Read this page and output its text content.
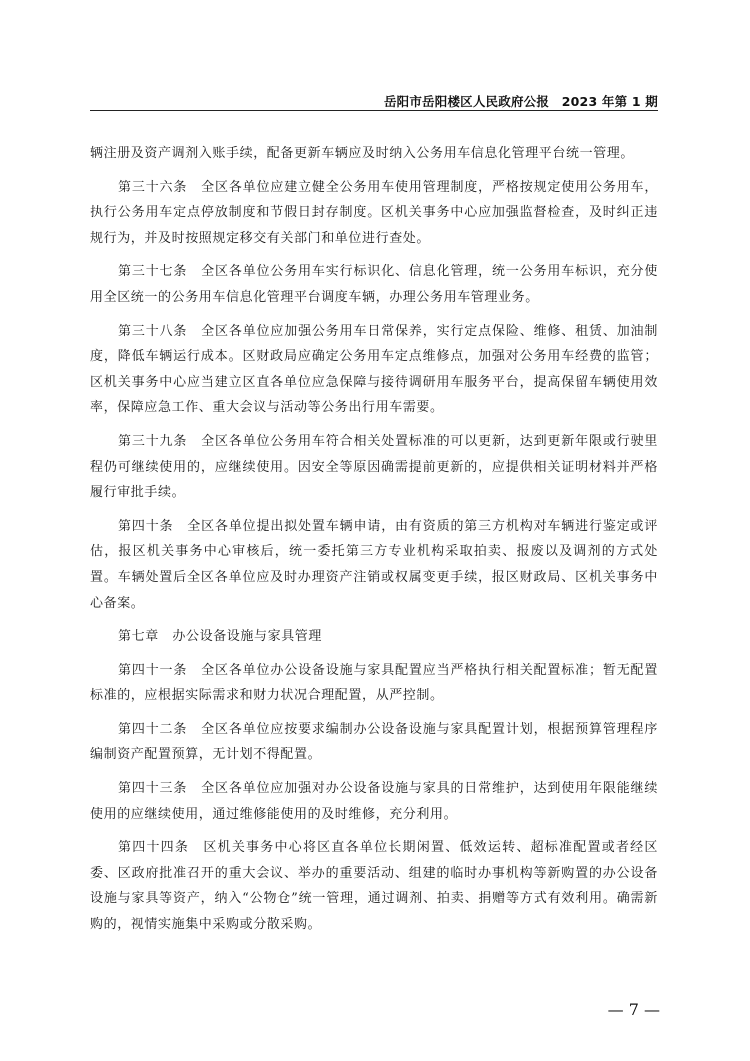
岳阳市岳阳楼区人民政府公报　2023 年第 1 期

辆注册及资产调剂入账手续，配备更新车辆应及时纳入公务用车信息化管理平台统一管理。

第三十六条　全区各单位应建立健全公务用车使用管理制度，严格按规定使用公务用车，执行公务用车定点停放制度和节假日封存制度。区机关事务中心应加强监督检查，及时纠正违规行为，并及时按照规定移交有关部门和单位进行查处。

第三十七条　全区各单位公务用车实行标识化、信息化管理，统一公务用车标识，充分使用全区统一的公务用车信息化管理平台调度车辆，办理公务用车管理业务。

第三十八条　全区各单位应加强公务用车日常保养，实行定点保险、维修、租赁、加油制度，降低车辆运行成本。区财政局应确定公务用车定点维修点，加强对公务用车经费的监管；区机关事务中心应当建立区直各单位应急保障与接待调研用车服务平台，提高保留车辆使用效率，保障应急工作、重大会议与活动等公务出行用车需要。

第三十九条　全区各单位公务用车符合相关处置标准的可以更新，达到更新年限或行驶里程仍可继续使用的，应继续使用。因安全等原因确需提前更新的，应提供相关证明材料并严格履行审批手续。

第四十条　全区各单位提出拟处置车辆申请，由有资质的第三方机构对车辆进行鉴定或评估，报区机关事务中心审核后，统一委托第三方专业机构采取拍卖、报废以及调剂的方式处置。车辆处置后全区各单位应及时办理资产注销或权属变更手续，报区财政局、区机关事务中心备案。

第七章　办公设备设施与家具管理

第四十一条　全区各单位办公设备设施与家具配置应当严格执行相关配置标准；暂无配置标准的，应根据实际需求和财力状况合理配置，从严控制。

第四十二条　全区各单位应按要求编制办公设备设施与家具配置计划，根据预算管理程序编制资产配置预算，无计划不得配置。

第四十三条　全区各单位应加强对办公设备设施与家具的日常维护，达到使用年限能继续使用的应继续使用，通过维修能使用的及时维修，充分利用。

第四十四条　区机关事务中心将区直各单位长期闲置、低效运转、超标准配置或者经区委、区政府批准召开的重大会议、举办的重要活动、组建的临时办事机构等新购置的办公设备设施与家具等资产，纳入“公物仓”统一管理，通过调剂、拍卖、捐赠等方式有效利用。确需新购的，视情实施集中采购或分散采购。

— 7 —
